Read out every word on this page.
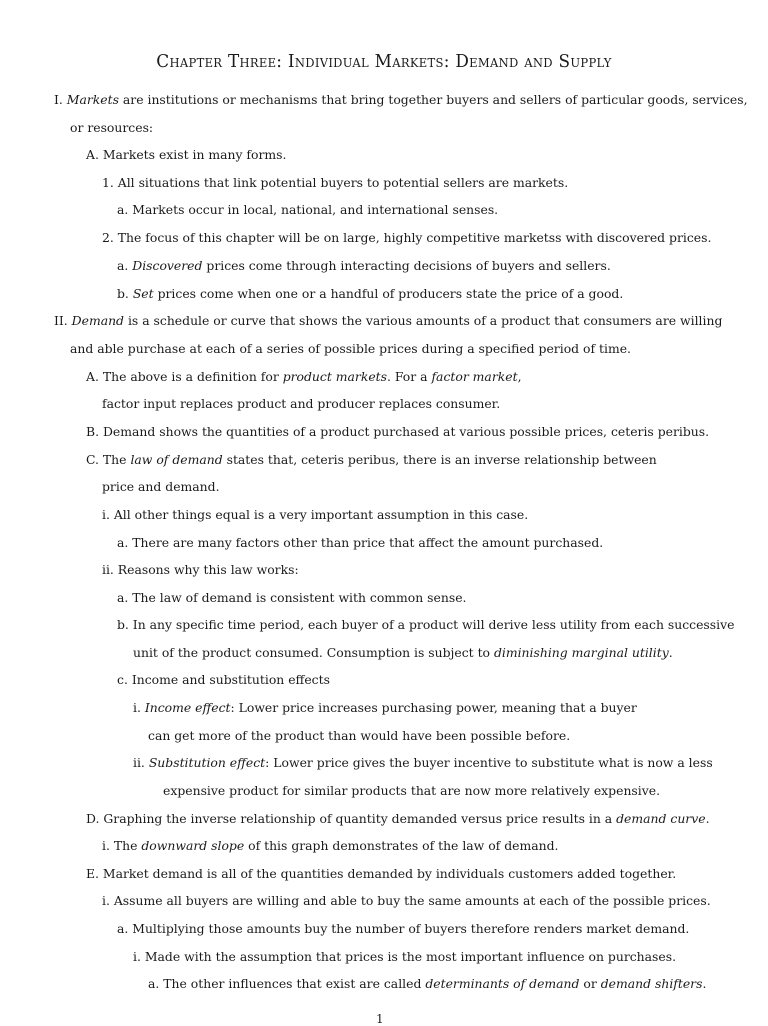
Chapter Three: Individual Markets: Demand and Supply
I. Markets are institutions or mechanisms that bring together buyers and sellers of particular goods, services,
or resources:
A. Markets exist in many forms.
1. All situations that link potential buyers to potential sellers are markets.
a. Markets occur in local, national, and international senses.
2. The focus of this chapter will be on large, highly competitive marketss with discovered prices.
a. Discovered prices come through interacting decisions of buyers and sellers.
b. Set prices come when one or a handful of producers state the price of a good.
II. Demand is a schedule or curve that shows the various amounts of a product that consumers are willing
and able purchase at each of a series of possible prices during a specified period of time.
A. The above is a definition for product markets. For a factor market,
factor input replaces product and producer replaces consumer.
B. Demand shows the quantities of a product purchased at various possible prices, ceteris peribus.
C. The law of demand states that, ceteris peribus, there is an inverse relationship between
price and demand.
i. All other things equal is a very important assumption in this case.
a. There are many factors other than price that affect the amount purchased.
ii. Reasons why this law works:
a. The law of demand is consistent with common sense.
b. In any specific time period, each buyer of a product will derive less utility from each successive
unit of the product consumed. Consumption is subject to diminishing marginal utility.
c. Income and substitution effects
i. Income effect: Lower price increases purchasing power, meaning that a buyer
can get more of the product than would have been possible before.
ii. Substitution effect: Lower price gives the buyer incentive to substitute what is now a less
expensive product for similar products that are now more relatively expensive.
D. Graphing the inverse relationship of quantity demanded versus price results in a demand curve.
i. The downward slope of this graph demonstrates of the law of demand.
E. Market demand is all of the quantities demanded by individuals customers added together.
i. Assume all buyers are willing and able to buy the same amounts at each of the possible prices.
a. Multiplying those amounts buy the number of buyers therefore renders market demand.
i. Made with the assumption that prices is the most important influence on purchases.
a. The other influences that exist are called determinants of demand or demand shifters.
1
